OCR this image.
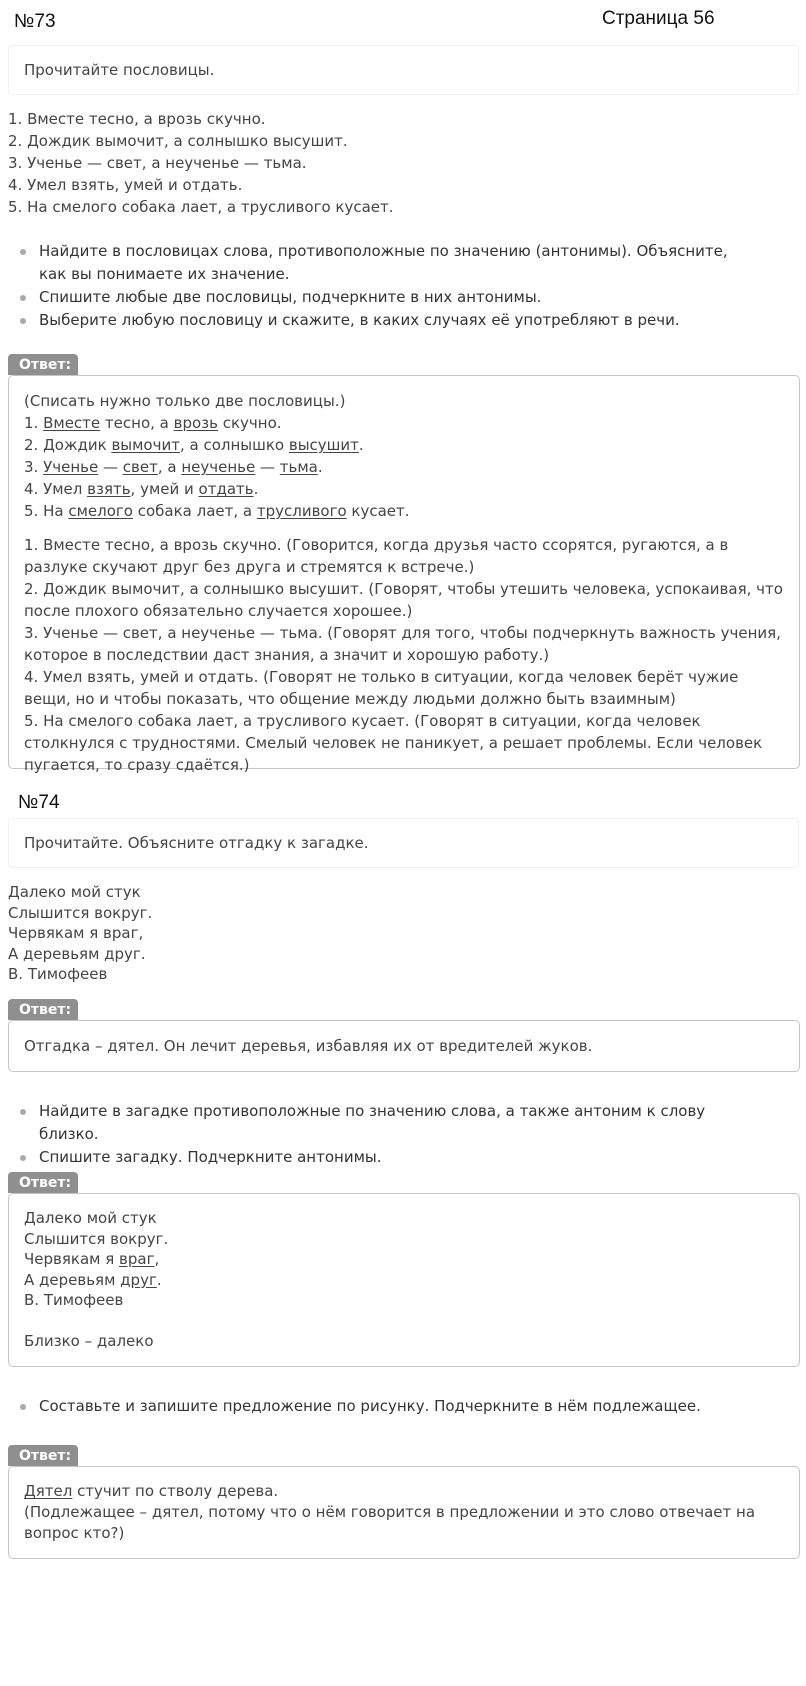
№73	Страница 56
Прочитайте пословицы.
1. Вместе тесно, а врозь скучно.
2. Дождик вымочит, а солнышко высушит.
3. Ученье — свет, а неученье — тьма.
4. Умел взять, умей и отдать.
5. На смелого собака лает, а трусливого кусает.
Найдите в пословицах слова, противоположные по значению (антонимы). Объясните, как вы понимаете их значение.
Спишите любые две пословицы, подчеркните в них антонимы.
Выберите любую пословицу и скажите, в каких случаях её употребляют в речи.
Ответ:
(Списать нужно только две пословицы.)
1. Вместе тесно, а врозь скучно.
2. Дождик вымочит, а солнышко высушит.
3. Ученье — свет, а неученье — тьма.
4. Умел взять, умей и отдать.
5. На смелого собака лает, а трусливого кусает.
1. Вместе тесно, а врозь скучно. (Говорится, когда друзья часто ссорятся, ругаются, а в разлуке скучают друг без друга и стремятся к встрече.)
2. Дождик вымочит, а солнышко высушит. (Говорят, чтобы утешить человека, успокаивая, что после плохого обязательно случается хорошее.)
3. Ученье — свет, а неученье — тьма. (Говорят для того, чтобы подчеркнуть важность учения, которое в последствии даст знания, а значит и хорошую работу.)
4. Умел взять, умей и отдать. (Говорят не только в ситуации, когда человек берёт чужие вещи, но и чтобы показать, что общение между людьми должно быть взаимным)
5. На смелого собака лает, а трусливого кусает. (Говорят в ситуации, когда человек столкнулся с трудностями. Смелый человек не паникует, а решает проблемы. Если человек пугается, то сразу сдаётся.)
№74
Прочитайте. Объясните отгадку к загадке.
Далеко мой стук
Слышится вокруг.
Червякам я враг,
А деревьям друг.
В. Тимофеев
Ответ:
Отгадка – дятел. Он лечит деревья, избавляя их от вредителей жуков.
Найдите в загадке противоположные по значению слова, а также антоним к слову близко.
Спишите загадку. Подчеркните антонимы.
Ответ:
Далеко мой стук
Слышится вокруг.
Червякам я враг,
А деревьям друг.
В. Тимофеев
Близко – далеко
Составьте и запишите предложение по рисунку. Подчеркните в нём подлежащее.
Ответ:
Дятел стучит по стволу дерева.
(Подлежащее – дятел, потому что о нём говорится в предложении и это слово отвечает на вопрос кто?)
